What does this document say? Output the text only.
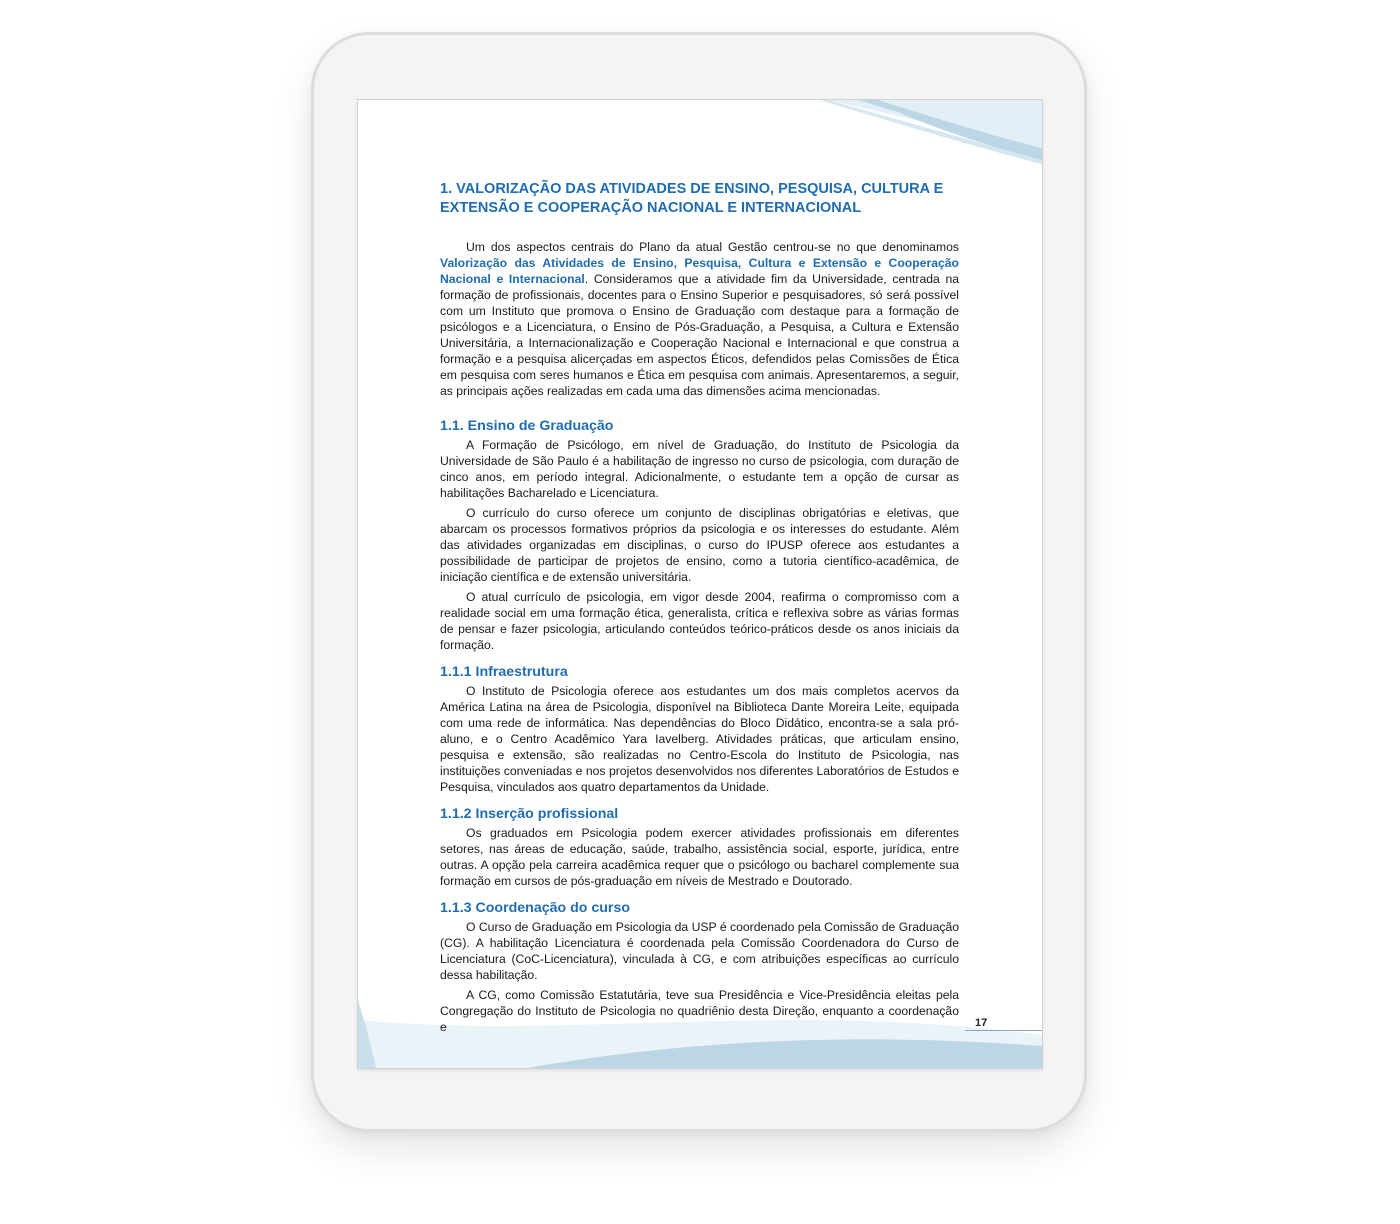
1. VALORIZAÇÃO DAS ATIVIDADES DE ENSINO, PESQUISA, CULTURA E EXTENSÃO E COOPERAÇÃO NACIONAL E INTERNACIONAL

Um dos aspectos centrais do Plano da atual Gestão centrou-se no que denominamos Valorização das Atividades de Ensino, Pesquisa, Cultura e Extensão e Cooperação Nacional e Internacional. Consideramos que a atividade fim da Universidade, centrada na formação de profissionais, docentes para o Ensino Superior e pesquisadores, só será possível com um Instituto que promova o Ensino de Graduação com destaque para a formação de psicólogos e a Licenciatura, o Ensino de Pós-Graduação, a Pesquisa, a Cultura e Extensão Universitária, a Internacionalização e Cooperação Nacional e Internacional e que construa a formação e a pesquisa alicerçadas em aspectos Éticos, defendidos pelas Comissões de Ética em pesquisa com seres humanos e Ética em pesquisa com animais. Apresentaremos, a seguir, as principais ações realizadas em cada uma das dimensões acima mencionadas.

1.1. Ensino de Graduação

A Formação de Psicólogo, em nível de Graduação, do Instituto de Psicologia da Universidade de São Paulo é a habilitação de ingresso no curso de psicologia, com duração de cinco anos, em período integral. Adicionalmente, o estudante tem a opção de cursar as habilitações Bacharelado e Licenciatura.

O currículo do curso oferece um conjunto de disciplinas obrigatórias e eletivas, que abarcam os processos formativos próprios da psicologia e os interesses do estudante. Além das atividades organizadas em disciplinas, o curso do IPUSP oferece aos estudantes a possibilidade de participar de projetos de ensino, como a tutoria científico-acadêmica, de iniciação científica e de extensão universitária.

O atual currículo de psicologia, em vigor desde 2004, reafirma o compromisso com a realidade social em uma formação ética, generalista, crítica e reflexiva sobre as várias formas de pensar e fazer psicologia, articulando conteúdos teórico-práticos desde os anos iniciais da formação.

1.1.1 Infraestrutura

O Instituto de Psicologia oferece aos estudantes um dos mais completos acervos da América Latina na área de Psicologia, disponível na Biblioteca Dante Moreira Leite, equipada com uma rede de informática. Nas dependências do Bloco Didático, encontra-se a sala pró-aluno, e o Centro Acadêmico Yara Iavelberg. Atividades práticas, que articulam ensino, pesquisa e extensão, são realizadas no Centro-Escola do Instituto de Psicologia, nas instituições conveniadas e nos projetos desenvolvidos nos diferentes Laboratórios de Estudos e Pesquisa, vinculados aos quatro departamentos da Unidade.

1.1.2 Inserção profissional

Os graduados em Psicologia podem exercer atividades profissionais em diferentes setores, nas áreas de educação, saúde, trabalho, assistência social, esporte, jurídica, entre outras. A opção pela carreira acadêmica requer que o psicólogo ou bacharel complemente sua formação em cursos de pós-graduação em níveis de Mestrado e Doutorado.

1.1.3 Coordenação do curso

O Curso de Graduação em Psicologia da USP é coordenado pela Comissão de Graduação (CG). A habilitação Licenciatura é coordenada pela Comissão Coordenadora do Curso de Licenciatura (CoC-Licenciatura), vinculada à CG, e com atribuições específicas ao currículo dessa habilitação.

A CG, como Comissão Estatutária, teve sua Presidência e Vice-Presidência eleitas pela Congregação do Instituto de Psicologia no quadriênio desta Direção, enquanto a coordenação e	17
